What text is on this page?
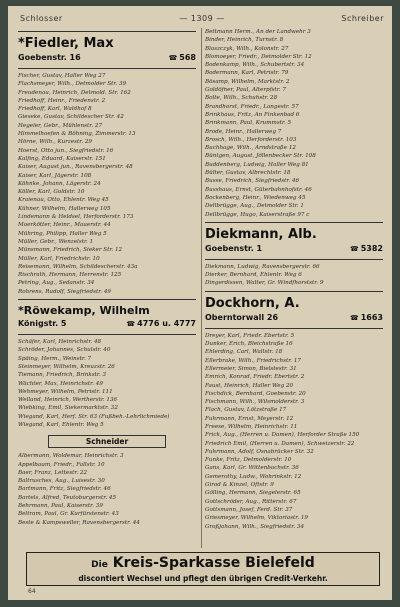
Schlosser	— 1309 —	Schreiber
*Fiedler, Max
Goebenstr. 16	☎ 568
Fischer, Gustav, Haller Weg 27
Flachsmeyer, Wilh., Detmolder Str. 39
Freudenau, Heinrich, Detmold. Str. 162
Friedhoff, Heinr., Friedenstr. 2
Friedhoff, Karl, Waldhof 8
Gieseke, Gustav, Schildescher Str. 42
Hegeler, Gebr., Mühlenstr. 27
Himmelhoefen & Böhning, Zimmerstr. 13
Hörne, Wilh., Kurzestr. 29
Hoerst, Otto jun., Siegfriedstr. 16
Kalfing, Eduard, Kaiserstr. 151
Kaiser, August jun., Ravensbergerstr. 48
Kaiser, Karl, Jägerstr. 108
Köhnke, Johann, Lägerstr. 24
Köller, Karl, Goldstr. 10
Kraienau, Otto, Ehlentr. Weg 45
Kühner, Wilhelm, Hallerweg 105
Lindemann & Heldsel, Herforderstr. 173
Moerkötter, Heinr., Mauerstr. 44
Mühring, Philipp, Haller Weg 5
Müller, Gebr., Wenzelstr. 1
Münsmann, Friedrich, Sieker Str. 12
Müller, Karl, Friedrichstr. 10
Reisemann, Wilhelm, Schildescherstr. 43a
Rischrath, Hermann, Herrenstr. 125
Petring, Aug., Sedanstr. 34
Rohrens, Rudolf, Siegfriedstr. 49
*Röwekamp, Wilhelm
Königstr. 5	☎ 4776 u. 4777
Schäfer, Karl, Heinrichstr. 48
Schröder, Johannes, Schulstr. 40
Späing, Herm., Weinstr. 7
Steinmeyer, Wilhelm, Kreuzstr. 26
Tiemann, Friedrich, Brinkstr. 3
Wächter, Max, Heinrichstr. 49
Wehmeyer, Wilhelm, Petristr. 111
Welland, Heinrich, Wertherstr. 136
Wiebking, Emil, Siekermarktstr. 32
Wiegand, Karl, Herf. Str. 63 (Fußbeh.-Lehrlichmiede)
Wiegand, Karl, Ehlentr. Weg 5
Schneider
Albermann, Woldemar, Heinrichstr. 3
Appelbaum, Friedr., Fallstr. 10
Baer, Franz, Lettestr. 22
Baltrusches, Aug., Luisestr. 30
Bartmann, Fritz, Siegfriedstr. 46
Bartels, Alfred, Teutoburgerstr. 45
Behrmann, Paul, Kaiserstr. 39
Beltram, Paul, Gr. Kurfürstenstr. 43
Beste & Kampsweller, Ravensbergerstr. 44
Bettmann Herm., An der Landwehr 3
Binder, Heinrich, Turnstr. 8
Blaszczyk, Wilh., Kolonstr. 27
Blomoeyer, Friedr., Detmolder Str. 12
Bodenkamp, Wilh., Schubertstr. 34
Bodermann, Karl, Petristr. 79
Bösamp, Wilhelm, Marktstr. 2
Goldöfner, Paul, Alterpfstr. 7
Bolte, Wilh., Schuhstr. 28
Brandhorst, Friedr., Langestr. 57
Brinkhaus, Fritz, An Finkenbad 6
Brinkmann, Paul, Krummstr. 5
Brode, Heinr., Hallerweg 7
Brosch, Wilh., Herforderstr. 103
Buchhage, Wilh., Arndstraße 12
Büntgen, August, Jöllenbecker Str. 108
Buddenberg, Ludwig, Haller Weg 81
Bülter, Gustav, Albrechtstr. 18
Busse, Friedrich, Siegfriedstr. 46
Busshaus, Ernst, Güterbahnhofstr. 46
Bockenberg, Heinr., Wiedenweg 45
Dellbrügge, Aug., Detmolder Str. 1
Dellbrügge, Hugo, Kaiserstraße 97 c
Diekmann, Alb.
Goebenstr. 1	☎ 5382
Diekmann, Ludwig, Ravensbergerstr. 66
Dierker, Bernhard, Ehlentr. Weg 6
Dingerdissen, Walter, Gr. Windfhorststr. 9
Dockhorn, A.
Oberntorwall 26	☎ 1663
Dreyer, Karl, Friedr. Ebertstr. 5
Dunker, Erich, Bleichstraße 16
Ehlerding, Carl, Wallstr. 18
Ellerbrake, Wilh., Friedrichstr. 17
Ellermeier, Simon, Bielstestr. 31
Emrich, Konrad, Friedr. Ebertstr. 2
Faust, Heinrich, Haller Weg 20
Fischdick, Bernhard, Goebenstr. 20
Fischmann, Wilh., Wilsmolderstr. 3
Flach, Gustav, Lötzstraße 17
Fuhrmann, Ernst, Meyerstr. 12
Freese, Wilhelm, Heinrichstr. 11
Frick, Aug., (Herren u. Damen), Herforder Straße 150
Friedrich Emil, (Herren u. Damen), Schweizerstr. 22
Fuhrmann, Adolf, Osnabrücker Str. 32
Funke, Fritz, Detmolderstr. 10
Gans, Karl, Gr. Wittenbachstr. 36
Gemerothy, Ludw., Wohrinkstr. 12
Girod & Kinzel, Oftstr. 9
Gölling, Hermann, Siegelerstr. 65
Gottschröder, Aug., Ritterstr. 67
Gottsmann, Josef, Ferd. Str. 37
Griesmeyer, Wilhelm, Viktoriastr. 19
Großjohann, Wilh., Siegfriedstr. 34
Die Kreis-Sparkasse Bielefeld
discontiert Wechsel und pflegt den übrigen Credit-Verkehr.
64
